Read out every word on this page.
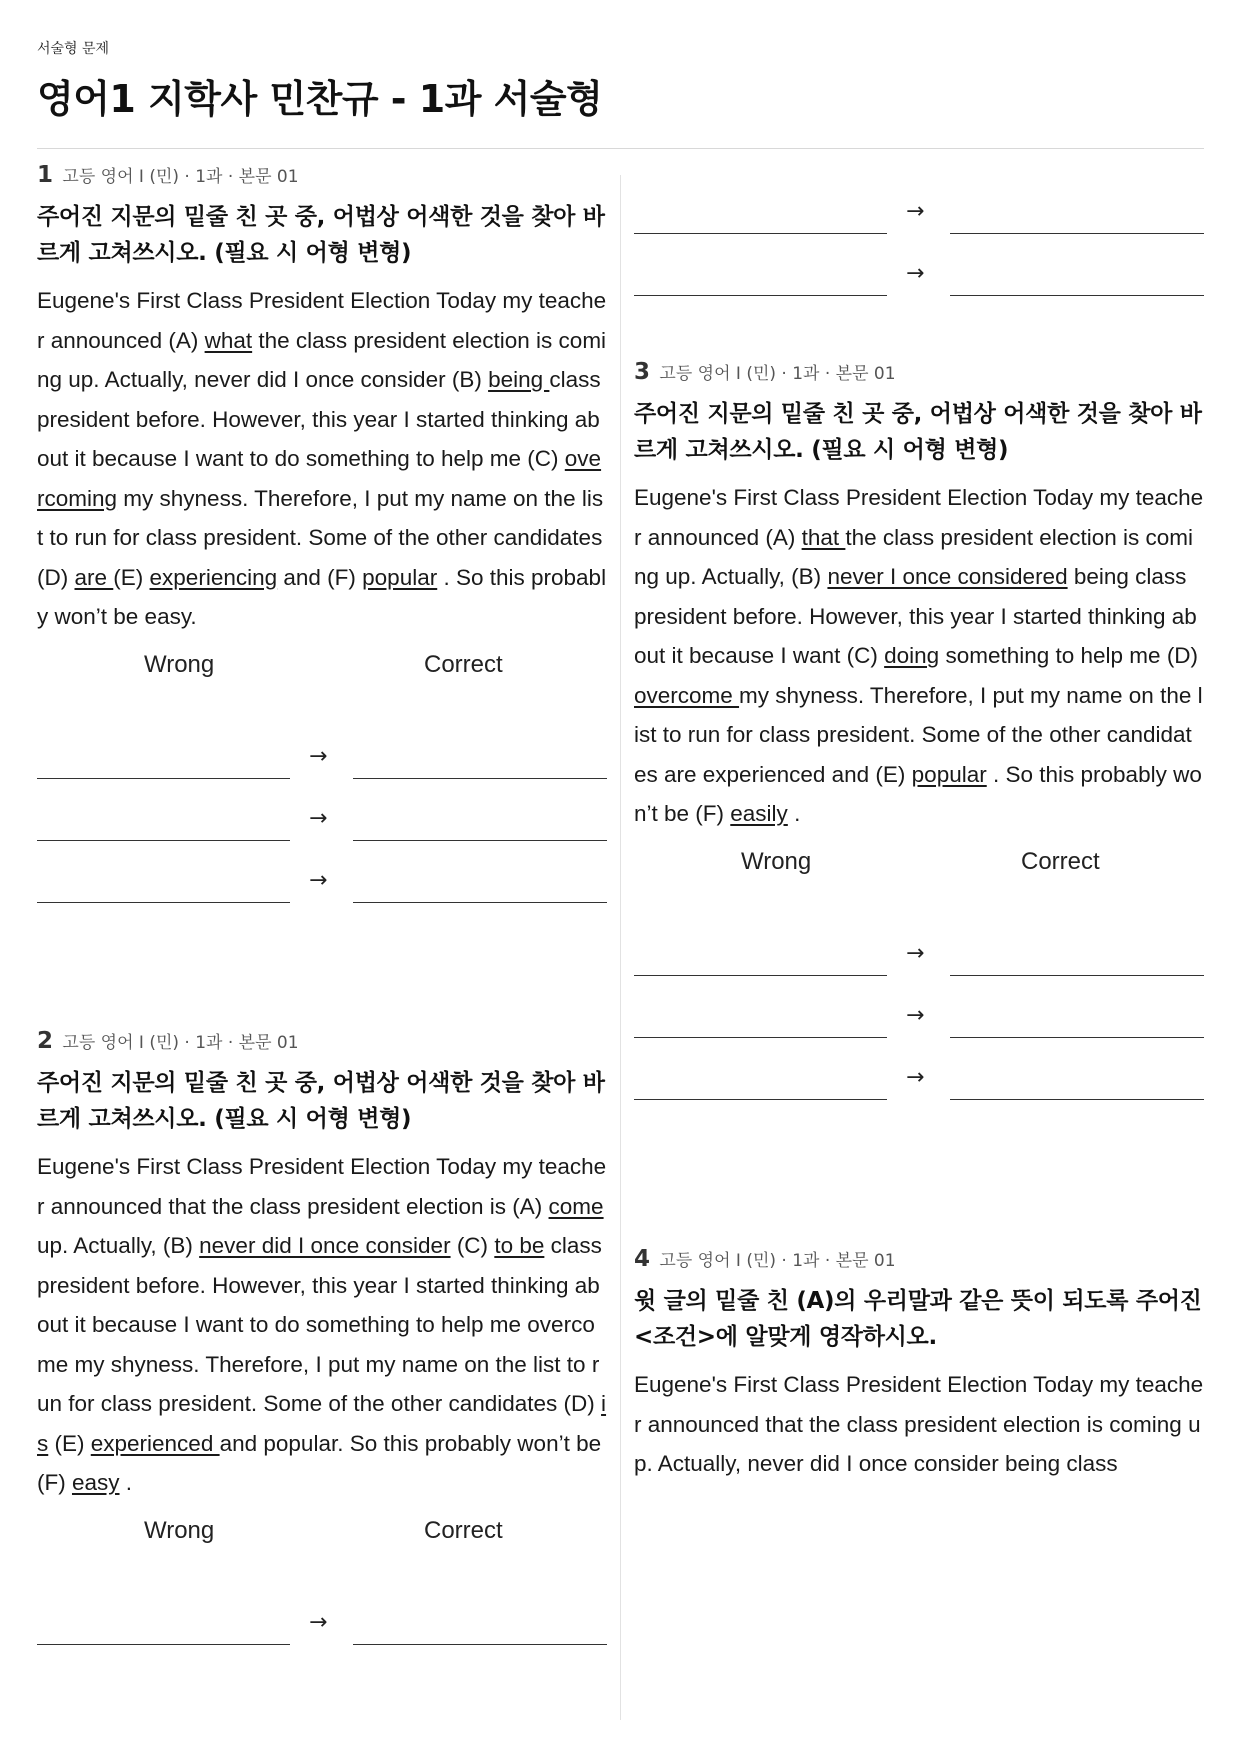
서술형 문제
영어1 지학사 민찬규 - 1과 서술형
1 고등 영어 I (민) · 1과 · 본문 01
주어진 지문의 밑줄 친 곳 중, 어법상 어색한 것을 찾아 바르게 고쳐쓰시오. (필요 시 어형 변형)
Eugene's First Class President Election Today my teacher announced (A) what the class president election is coming up. Actually, never did I once consider (B) being class president before. However, this year I started thinking about it because I want to do something to help me (C) overcoming my shyness. Therefore, I put my name on the list to run for class president. Some of the other candidates (D) are (E) experiencing and (F) popular . So this probably won’t be easy.
Wrong	Correct
→
→
→
2 고등 영어 I (민) · 1과 · 본문 01
주어진 지문의 밑줄 친 곳 중, 어법상 어색한 것을 찾아 바르게 고쳐쓰시오. (필요 시 어형 변형)
Eugene's First Class President Election Today my teacher announced that the class president election is (A) come up. Actually, (B) never did I once consider (C) to be class president before. However, this year I started thinking about it because I want to do something to help me overcome my shyness. Therefore, I put my name on the list to run for class president. Some of the other candidates (D) is (E) experienced and popular. So this probably won’t be (F) easy .
Wrong	Correct
→
→
→
3 고등 영어 I (민) · 1과 · 본문 01
주어진 지문의 밑줄 친 곳 중, 어법상 어색한 것을 찾아 바르게 고쳐쓰시오. (필요 시 어형 변형)
Eugene's First Class President Election Today my teacher announced (A) that the class president election is coming up. Actually, (B) never I once considered being class president before. However, this year I started thinking about it because I want (C) doing something to help me (D) overcome my shyness. Therefore, I put my name on the list to run for class president. Some of the other candidates are experienced and (E) popular . So this probably won’t be (F) easily .
Wrong	Correct
→
→
→
4 고등 영어 I (민) · 1과 · 본문 01
윗 글의 밑줄 친 (A)의 우리말과 같은 뜻이 되도록 주어진 <조건>에 알맞게 영작하시오.
Eugene's First Class President Election Today my teacher announced that the class president election is coming up. Actually, never did I once consider being class
